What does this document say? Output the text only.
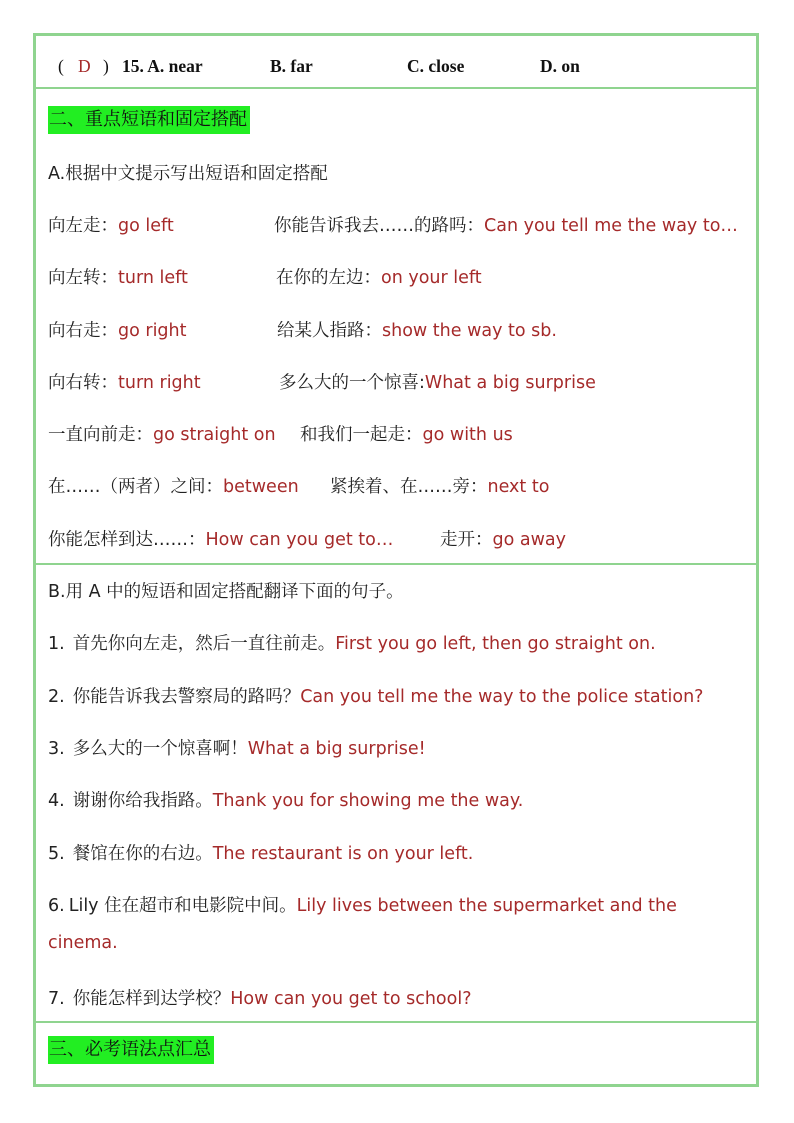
( D ) 15. A. near	B. far	C. close	D. on
二、重点短语和固定搭配
A.根据中文提示写出短语和固定搭配
向左走：go left	你能告诉我去……的路吗：Can you tell me the way to…
向左转：turn left	在你的左边：on your left
向右走：go right	给某人指路：show the way to sb.
向右转：turn right	多么大的一个惊喜:What a big surprise
一直向前走：go straight on 和我们一起走：go with us
在……（两者）之间：between 紧挨着、在……旁：next to
你能怎样到达……：How can you get to…	走开：go away
B.用 A 中的短语和固定搭配翻译下面的句子。
1. 首先你向左走，然后一直往前走。First you go left, then go straight on.
2. 你能告诉我去警察局的路吗？Can you tell me the way to the police station?
3. 多么大的一个惊喜啊！What a big surprise!
4. 谢谢你给我指路。Thank you for showing me the way.
5. 餐馆在你的右边。The restaurant is on your left.
6. Lily 住在超市和电影院中间。Lily lives between the supermarket and the
cinema.
7. 你能怎样到达学校？How can you get to school?
三、必考语法点汇总
